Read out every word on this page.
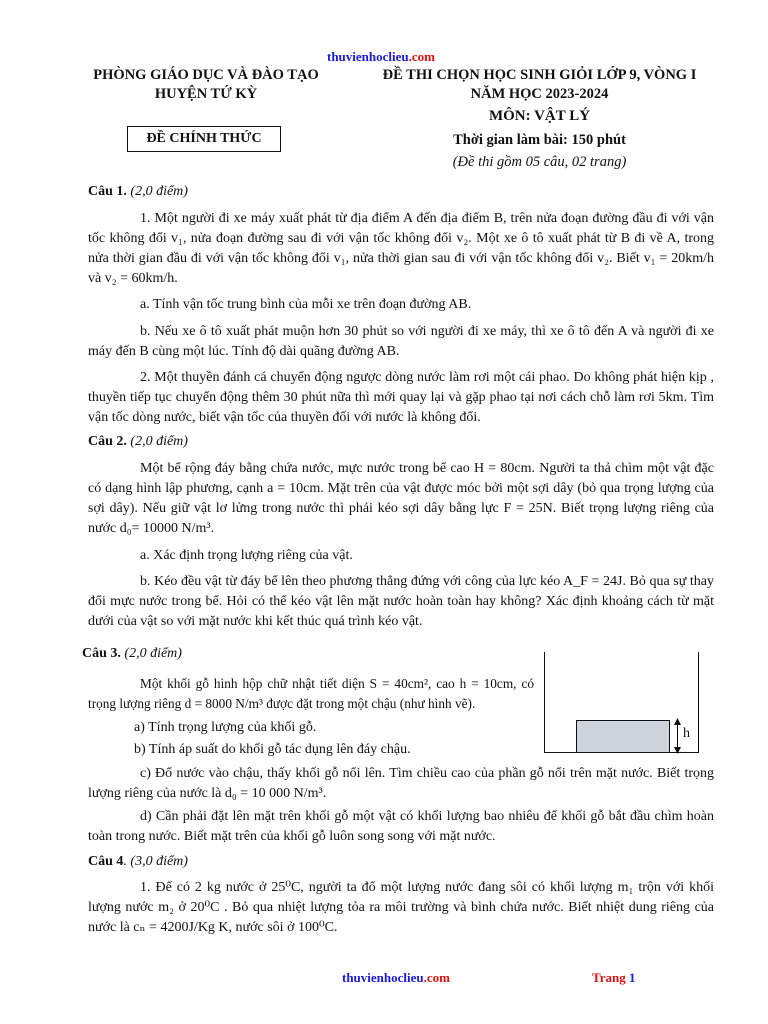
thuvienhoclieu.com
PHÒNG GIÁO DỤC VÀ ĐÀO TẠO
HUYỆN TỨ KỲ
ĐỀ CHÍNH THỨC
ĐỀ THI CHỌN HỌC SINH GIỎI LỚP 9, VÒNG I
NĂM HỌC 2023-2024
MÔN: VẬT LÝ
Thời gian làm bài: 150 phút
(Đề thi gồm 05 câu, 02 trang)
Câu 1. (2,0 điểm)
1. Một người đi xe máy xuất phát từ địa điểm A đến địa điểm B, trên nửa đoạn đường đầu đi với vận tốc không đổi v₁, nửa đoạn đường sau đi với vận tốc không đổi v₂. Một xe ô tô xuất phát từ B đi về A, trong nửa thời gian đầu đi với vận tốc không đổi v₁, nửa thời gian sau đi với vận tốc không đổi v₂. Biết v₁ = 20km/h và v₂ = 60km/h.
a. Tính vận tốc trung bình của mỗi xe trên đoạn đường AB.
b. Nếu xe ô tô xuất phát muộn hơn 30 phút so với người đi xe máy, thì xe ô tô đến A và người đi xe máy đến B cùng một lúc. Tính độ dài quãng đường AB.
2. Một thuyền đánh cá chuyển động ngược dòng nước làm rơi một cái phao. Do không phát hiện kịp , thuyền tiếp tục chuyển động thêm 30 phút nữa thì mới quay lại và gặp phao tại nơi cách chỗ làm rơi 5km. Tìm vận tốc dòng nước, biết vận tốc của thuyền đối với nước là không đổi.
Câu 2. (2,0 điểm)
Một bể rộng đáy bằng chứa nước, mực nước trong bể cao H = 80cm. Người ta thả chìm một vật đặc có dạng hình lập phương, cạnh a = 10cm. Mặt trên của vật được móc bởi một sợi dây (bỏ qua trọng lượng của sợi dây). Nếu giữ vật lơ lửng trong nước thì phải kéo sợi dây bằng lực F = 25N. Biết trọng lượng riêng của nước d₀= 10000 N/m³.
a. Xác định trọng lượng riêng của vật.
b. Kéo đều vật từ đáy bể lên theo phương thẳng đứng với công của lực kéo A_F = 24J. Bỏ qua sự thay đổi mực nước trong bể. Hỏi có thể kéo vật lên mặt nước hoàn toàn hay không? Xác định khoảng cách từ mặt dưới của vật so với mặt nước khi kết thúc quá trình kéo vật.
Câu 3. (2,0 điểm)
Một khối gỗ hình hộp chữ nhật tiết diện S = 40cm², cao h = 10cm, có trọng lượng riêng d = 8000 N/m³ được đặt trong một chậu (như hình vẽ).
a) Tính trọng lượng của khối gỗ.
b) Tính áp suất do khối gỗ tác dụng lên đáy chậu.
h
c) Đổ nước vào chậu, thấy khối gỗ nổi lên. Tìm chiều cao của phần gỗ nổi trên mặt nước. Biết trọng lượng riêng của nước là d₀ = 10 000 N/m³.
d) Cần phải đặt lên mặt trên khối gỗ một vật có khối lượng bao nhiêu để khối gỗ bắt đầu chìm hoàn toàn trong nước. Biết mặt trên của khối gỗ luôn song song với mặt nước.
Câu 4. (3,0 điểm)
1. Để có 2 kg nước ở 25⁰C, người ta đổ một lượng nước đang sôi có khối lượng m₁ trộn với khối lượng nước m₂ ở 20⁰C . Bỏ qua nhiệt lượng tỏa ra môi trường và bình chứa nước. Biết nhiệt dung riêng của nước là cₙ = 4200J/Kg K, nước sôi ở 100⁰C.
thuvienhoclieu.com	Trang 1
